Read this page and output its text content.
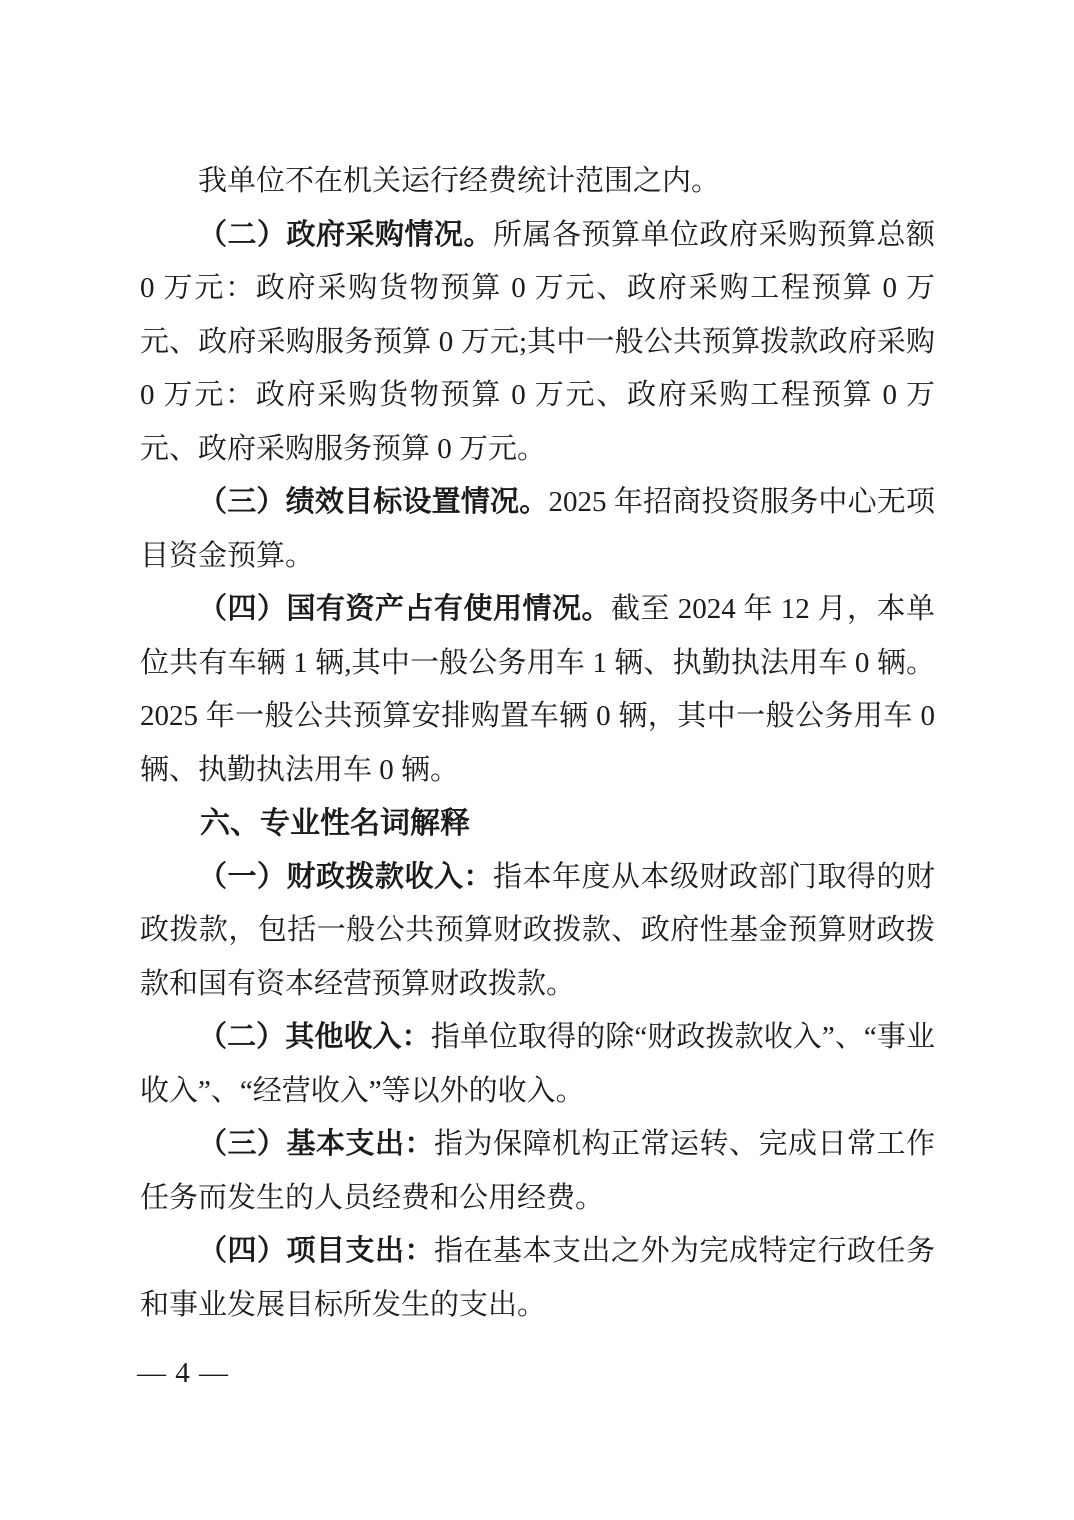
我单位不在机关运行经费统计范围之内。

（二）政府采购情况。所属各预算单位政府采购预算总额 0 万元：政府采购货物预算 0 万元、政府采购工程预算 0 万元、政府采购服务预算 0 万元;其中一般公共预算拨款政府采购 0 万元：政府采购货物预算 0 万元、政府采购工程预算 0 万元、政府采购服务预算 0 万元。

（三）绩效目标设置情况。2025 年招商投资服务中心无项目资金预算。

（四）国有资产占有使用情况。截至 2024 年 12 月，本单位共有车辆 1 辆,其中一般公务用车 1 辆、执勤执法用车 0 辆。2025 年一般公共预算安排购置车辆 0 辆，其中一般公务用车 0 辆、执勤执法用车 0 辆。

六、专业性名词解释

（一）财政拨款收入：指本年度从本级财政部门取得的财政拨款，包括一般公共预算财政拨款、政府性基金预算财政拨款和国有资本经营预算财政拨款。

（二）其他收入：指单位取得的除“财政拨款收入”、“事业收入”、“经营收入”等以外的收入。

（三）基本支出：指为保障机构正常运转、完成日常工作任务而发生的人员经费和公用经费。

（四）项目支出：指在基本支出之外为完成特定行政任务和事业发展目标所发生的支出。

— 4 —
